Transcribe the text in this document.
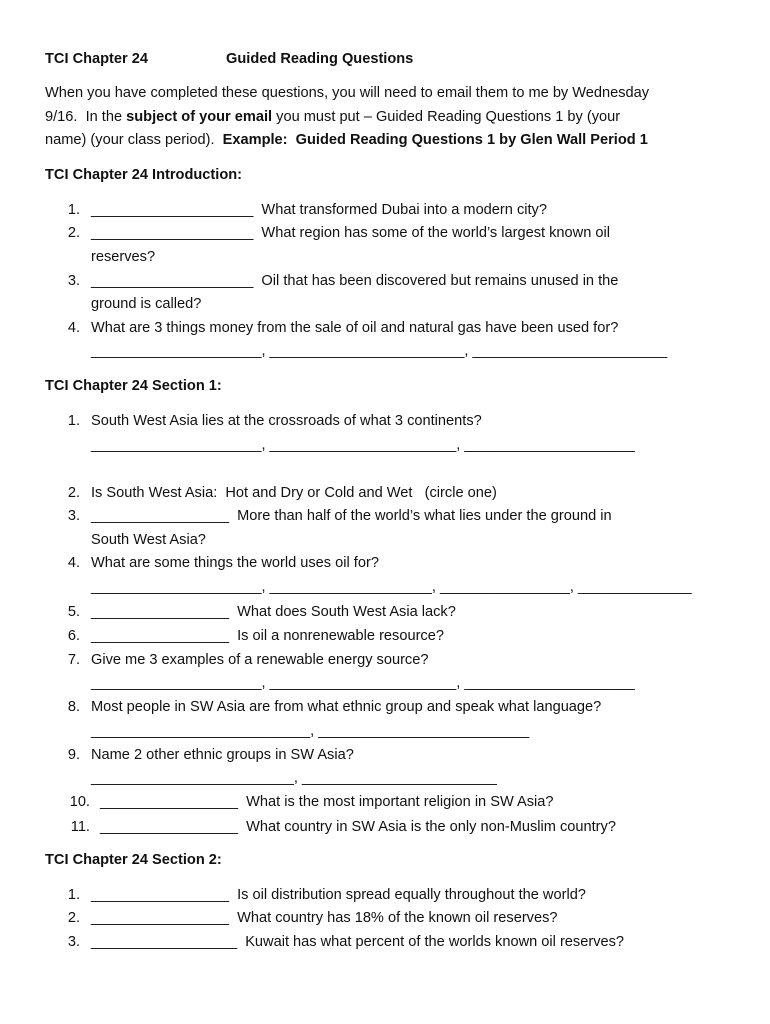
TCI Chapter 24	Guided Reading Questions
When you have completed these questions, you will need to email them to me by Wednesday
9/16.  In the subject of your email you must put – Guided Reading Questions 1 by (your
name) (your class period).  Example:  Guided Reading Questions 1 by Glen Wall Period 1
TCI Chapter 24 Introduction:
1. ____________________  What transformed Dubai into a modern city?
2. ____________________  What region has some of the world’s largest known oil
reserves?
3. ____________________  Oil that has been discovered but remains unused in the
ground is called?
4. What are 3 things money from the sale of oil and natural gas have been used for?
_____________________, ________________________, ________________________
TCI Chapter 24 Section 1:
1. South West Asia lies at the crossroads of what 3 continents?
_____________________, _______________________, _____________________
2. Is South West Asia:  Hot and Dry or Cold and Wet   (circle one)
3. _________________  More than half of the world’s what lies under the ground in
South West Asia?
4. What are some things the world uses oil for?
_____________________, ____________________, ________________, ______________
5. _________________  What does South West Asia lack?
6. _________________  Is oil a nonrenewable resource?
7. Give me 3 examples of a renewable energy source?
_____________________, _______________________, _____________________
8. Most people in SW Asia are from what ethnic group and speak what language?
___________________________, __________________________
9. Name 2 other ethnic groups in SW Asia?
_________________________, ________________________
10. _________________  What is the most important religion in SW Asia?
11. _________________  What country in SW Asia is the only non-Muslim country?
TCI Chapter 24 Section 2:
1. _________________  Is oil distribution spread equally throughout the world?
2. _________________  What country has 18% of the known oil reserves?
3. __________________  Kuwait has what percent of the worlds known oil reserves?
